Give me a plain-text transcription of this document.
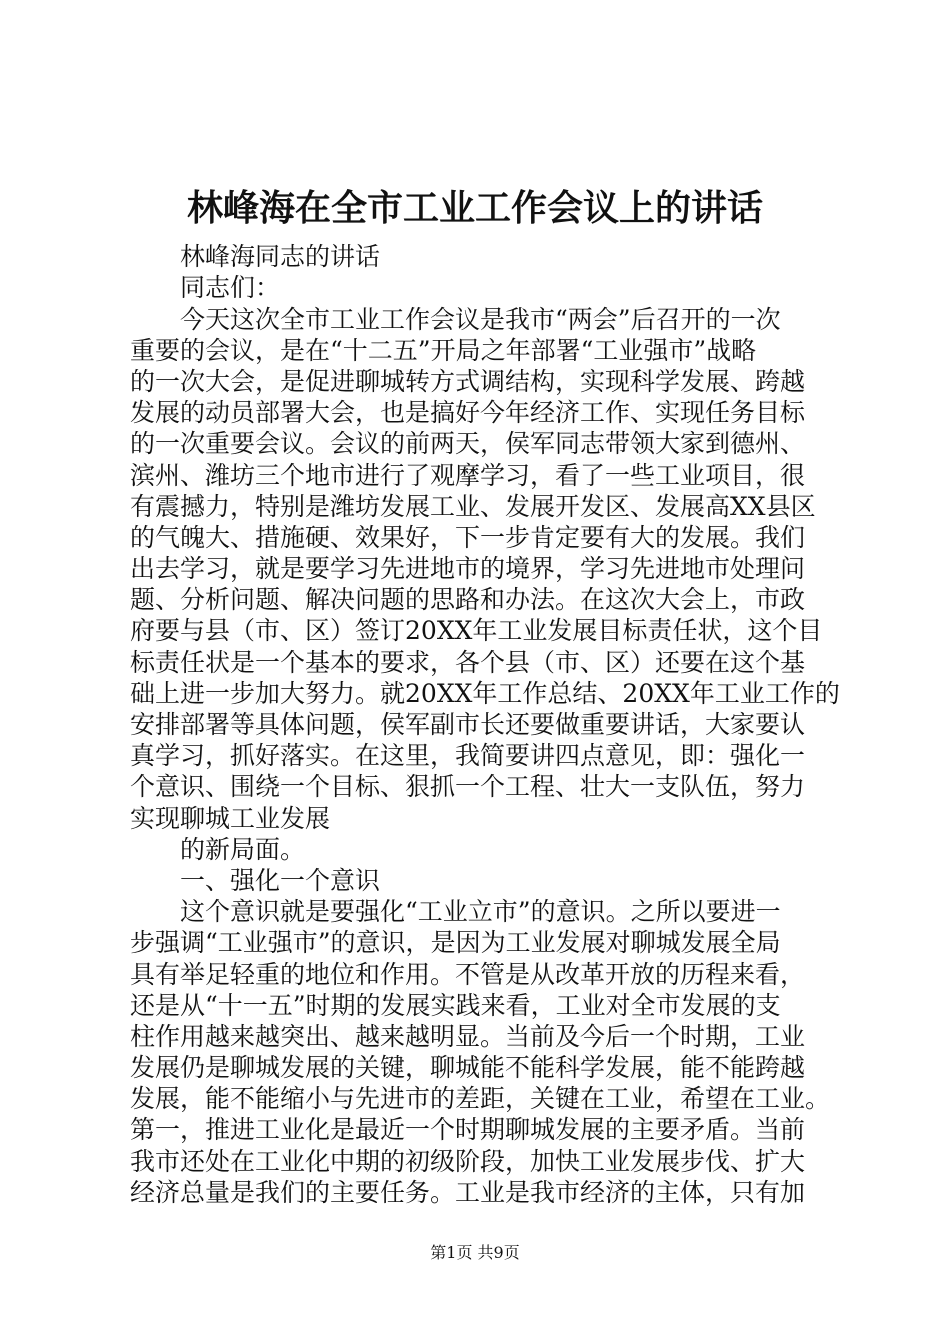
林峰海在全市工业工作会议上的讲话
林峰海同志的讲话
同志们：
今天这次全市工业工作会议是我市“两会”后召开的一次
重要的会议，是在“十二五”开局之年部署“工业强市”战略
的一次大会，是促进聊城转方式调结构，实现科学发展、跨越
发展的动员部署大会，也是搞好今年经济工作、实现任务目标
的一次重要会议。会议的前两天，侯军同志带领大家到德州、
滨州、潍坊三个地市进行了观摩学习，看了一些工业项目，很
有震撼力，特别是潍坊发展工业、发展开发区、发展高XX县区
的气魄大、措施硬、效果好，下一步肯定要有大的发展。我们
出去学习，就是要学习先进地市的境界，学习先进地市处理问
题、分析问题、解决问题的思路和办法。在这次大会上，市政
府要与县（市、区）签订20XX年工业发展目标责任状，这个目
标责任状是一个基本的要求，各个县（市、区）还要在这个基
础上进一步加大努力。就20XX年工作总结、20XX年工业工作的
安排部署等具体问题，侯军副市长还要做重要讲话，大家要认
真学习，抓好落实。在这里，我简要讲四点意见，即：强化一
个意识、围绕一个目标、狠抓一个工程、壮大一支队伍，努力
实现聊城工业发展
的新局面。
一、强化一个意识
这个意识就是要强化“工业立市”的意识。之所以要进一
步强调“工业强市”的意识，是因为工业发展对聊城发展全局
具有举足轻重的地位和作用。不管是从改革开放的历程来看，
还是从“十一五”时期的发展实践来看，工业对全市发展的支
柱作用越来越突出、越来越明显。当前及今后一个时期，工业
发展仍是聊城发展的关键，聊城能不能科学发展，能不能跨越
发展，能不能缩小与先进市的差距，关键在工业，希望在工业。
第一，推进工业化是最近一个时期聊城发展的主要矛盾。当前
我市还处在工业化中期的初级阶段，加快工业发展步伐、扩大
经济总量是我们的主要任务。工业是我市经济的主体，只有加
第1页 共9页
